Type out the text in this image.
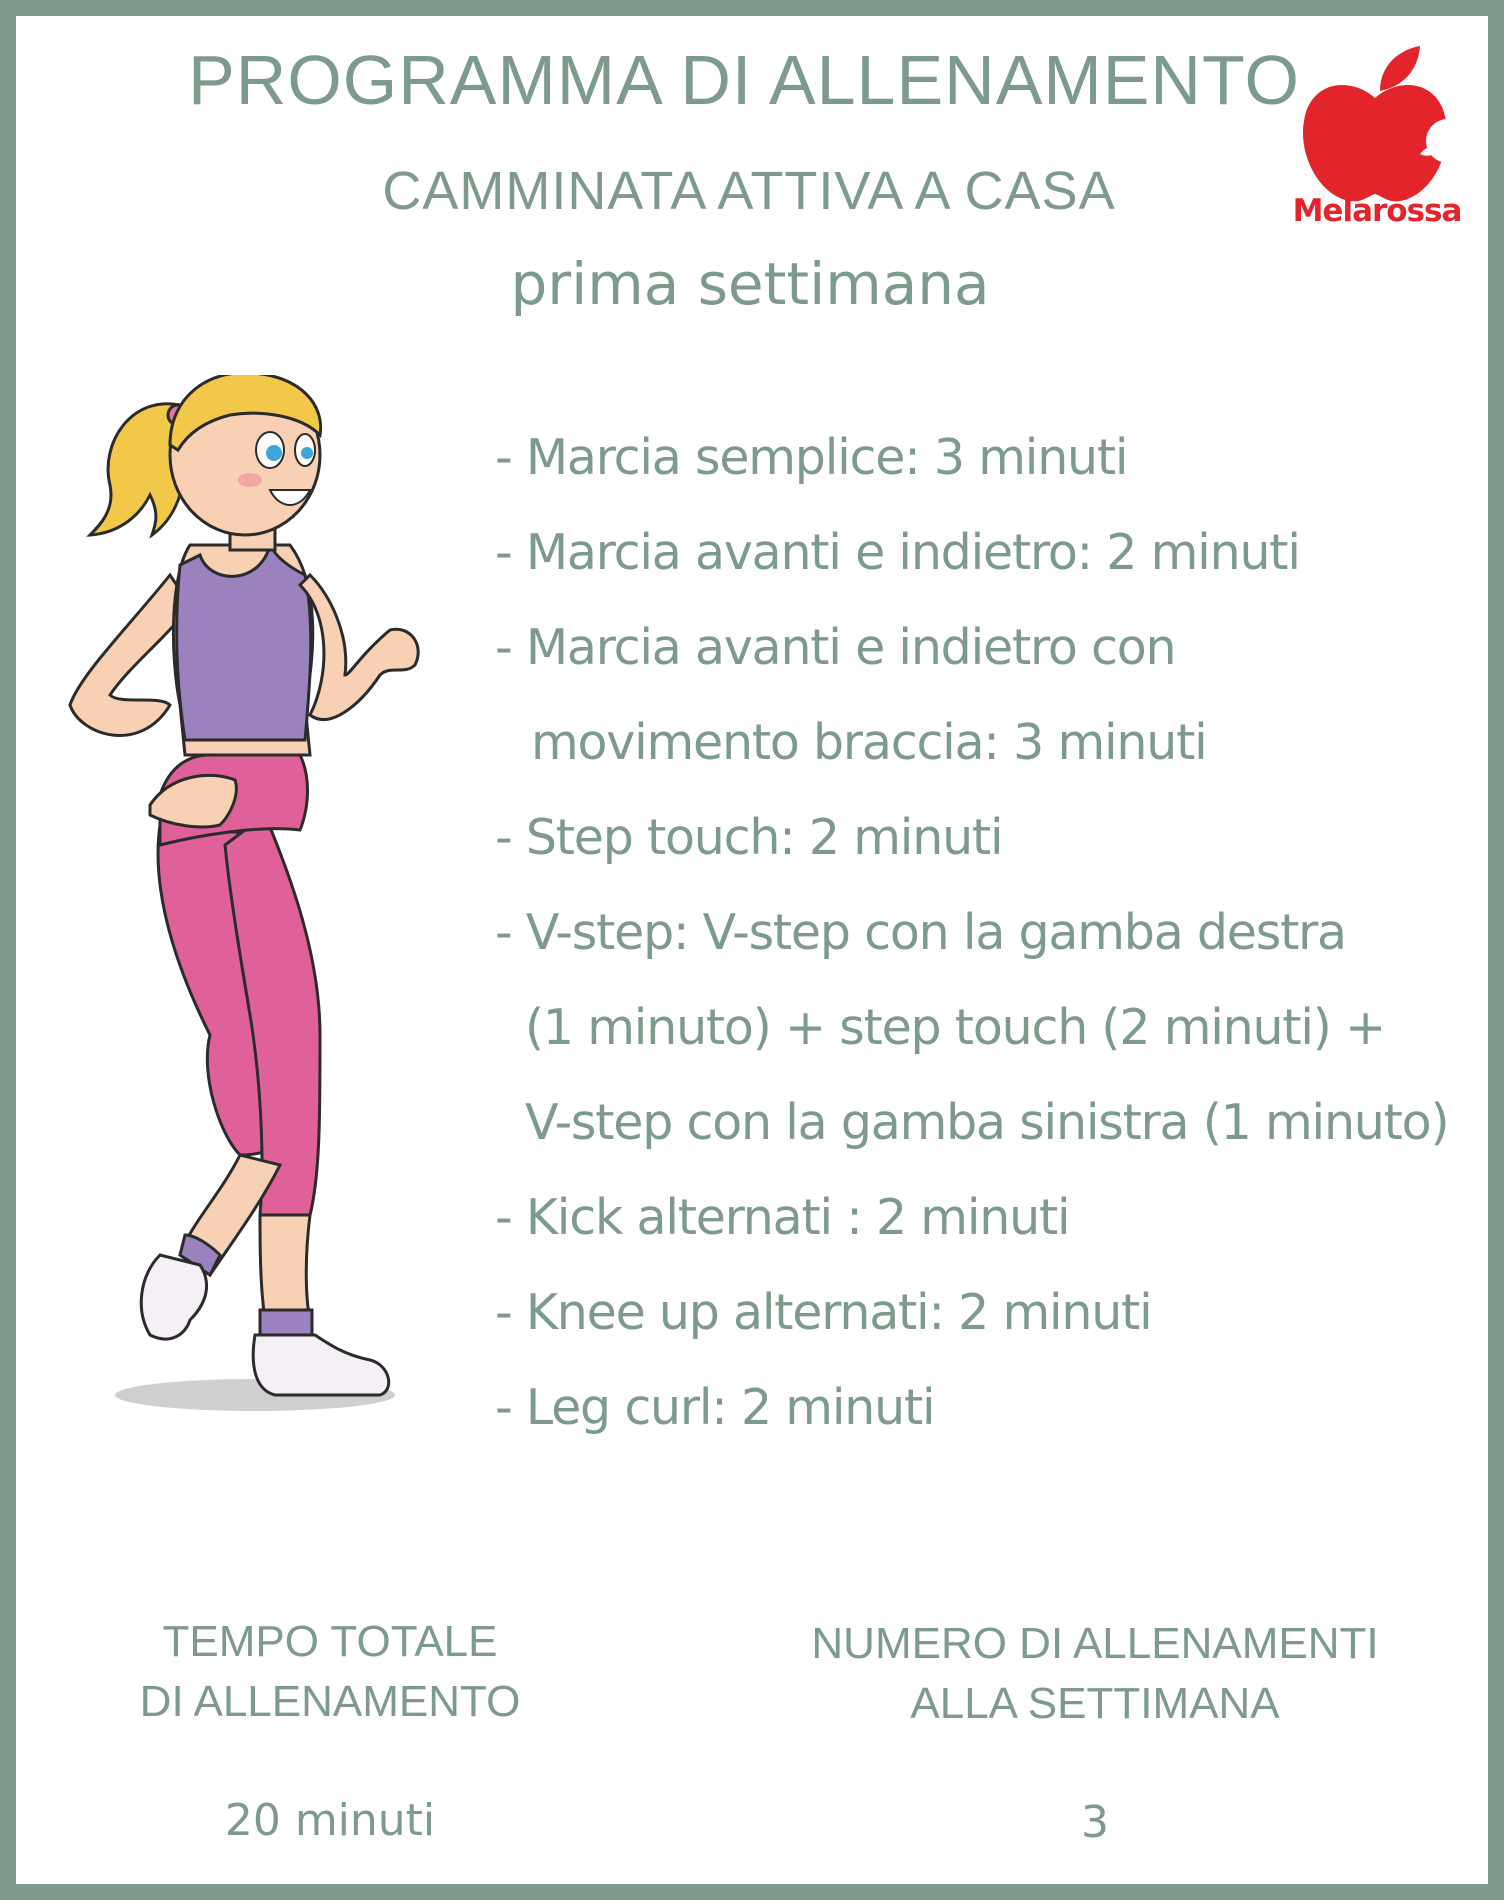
PROGRAMMA DI ALLENAMENTO
CAMMINATA ATTIVA A CASA
prima settimana
Melarossa
- Marcia semplice: 3 minuti
- Marcia avanti e indietro: 2 minuti
- Marcia avanti e indietro con
movimento braccia: 3 minuti
- Step touch: 2 minuti
- V-step: V-step con la gamba destra
(1 minuto) + step touch (2 minuti) +
V-step con la gamba sinistra (1 minuto)
- Kick alternati : 2 minuti
- Knee up alternati: 2 minuti
- Leg curl: 2 minuti
TEMPO TOTALE
DI ALLENAMENTO
20 minuti
NUMERO DI ALLENAMENTI
ALLA SETTIMANA
3
